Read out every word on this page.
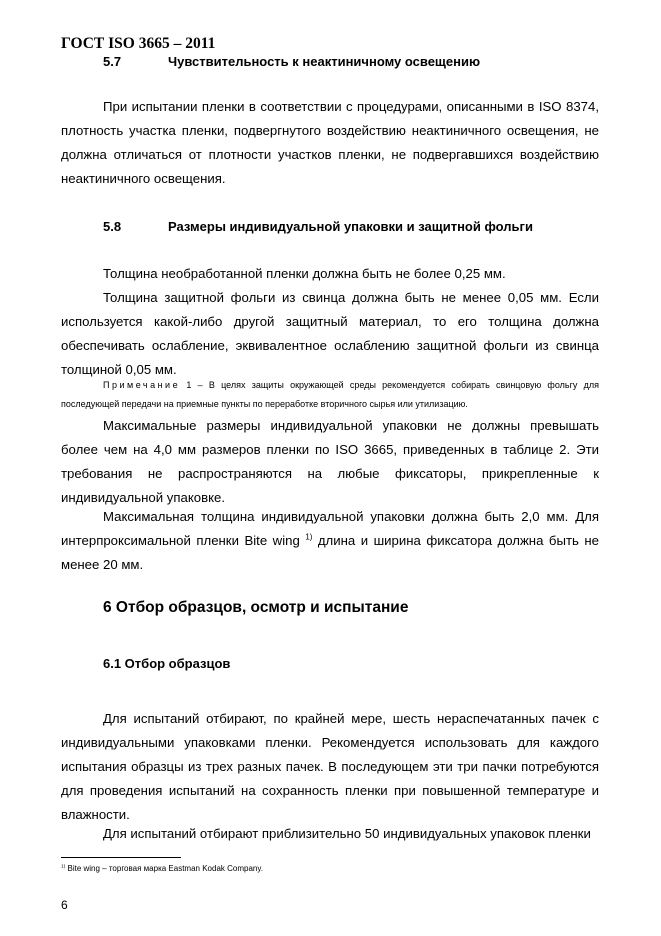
ГОСТ ISO 3665 – 2011
5.7	Чувствительность к неактиничному освещению

При испытании пленки в соответствии с процедурами, описанными в ISO 8374, плотность участка пленки, подвергнутого воздействию неактиничного освещения, не должна отличаться от плотности участков пленки, не подвергавшихся воздействию неактиничного освещения.

5.8	Размеры индивидуальной упаковки и защитной фольги

Толщина необработанной пленки должна быть не более 0,25 мм.

Толщина защитной фольги из свинца должна быть не менее 0,05 мм. Если используется какой-либо другой защитный материал, то его толщина должна обеспечивать ослабление, эквивалентное ослаблению защитной фольги из свинца толщиной 0,05 мм.

Примечание 1 – В целях защиты окружающей среды рекомендуется собирать свинцовую фольгу для последующей передачи на приемные пункты по переработке вторичного сырья или утилизацию.

Максимальные размеры индивидуальной упаковки не должны превышать более чем на 4,0 мм размеров пленки по ISO 3665, приведенных в таблице 2. Эти требования не распространяются на любые фиксаторы, прикрепленные к индивидуальной упаковке.

Максимальная толщина индивидуальной упаковки должна быть 2,0 мм. Для интерпроксимальной пленки Bite wing $^{1)}$ длина и ширина фиксатора должна быть не менее 20 мм.

6 Отбор образцов, осмотр и испытание
6.1 Отбор образцов

Для испытаний отбирают, по крайней мере, шесть нераспечатанных пачек с индивидуальными упаковками пленки. Рекомендуется использовать для каждого испытания образцы из трех разных пачек. В последующем эти три пачки потребуются для проведения испытаний на сохранность пленки при повышенной температуре и влажности.

Для испытаний отбирают приблизительно 50 индивидуальных упаковок пленки

$^{1)}$ Bite wing – торговая марка Eastman Kodak Company.
6
